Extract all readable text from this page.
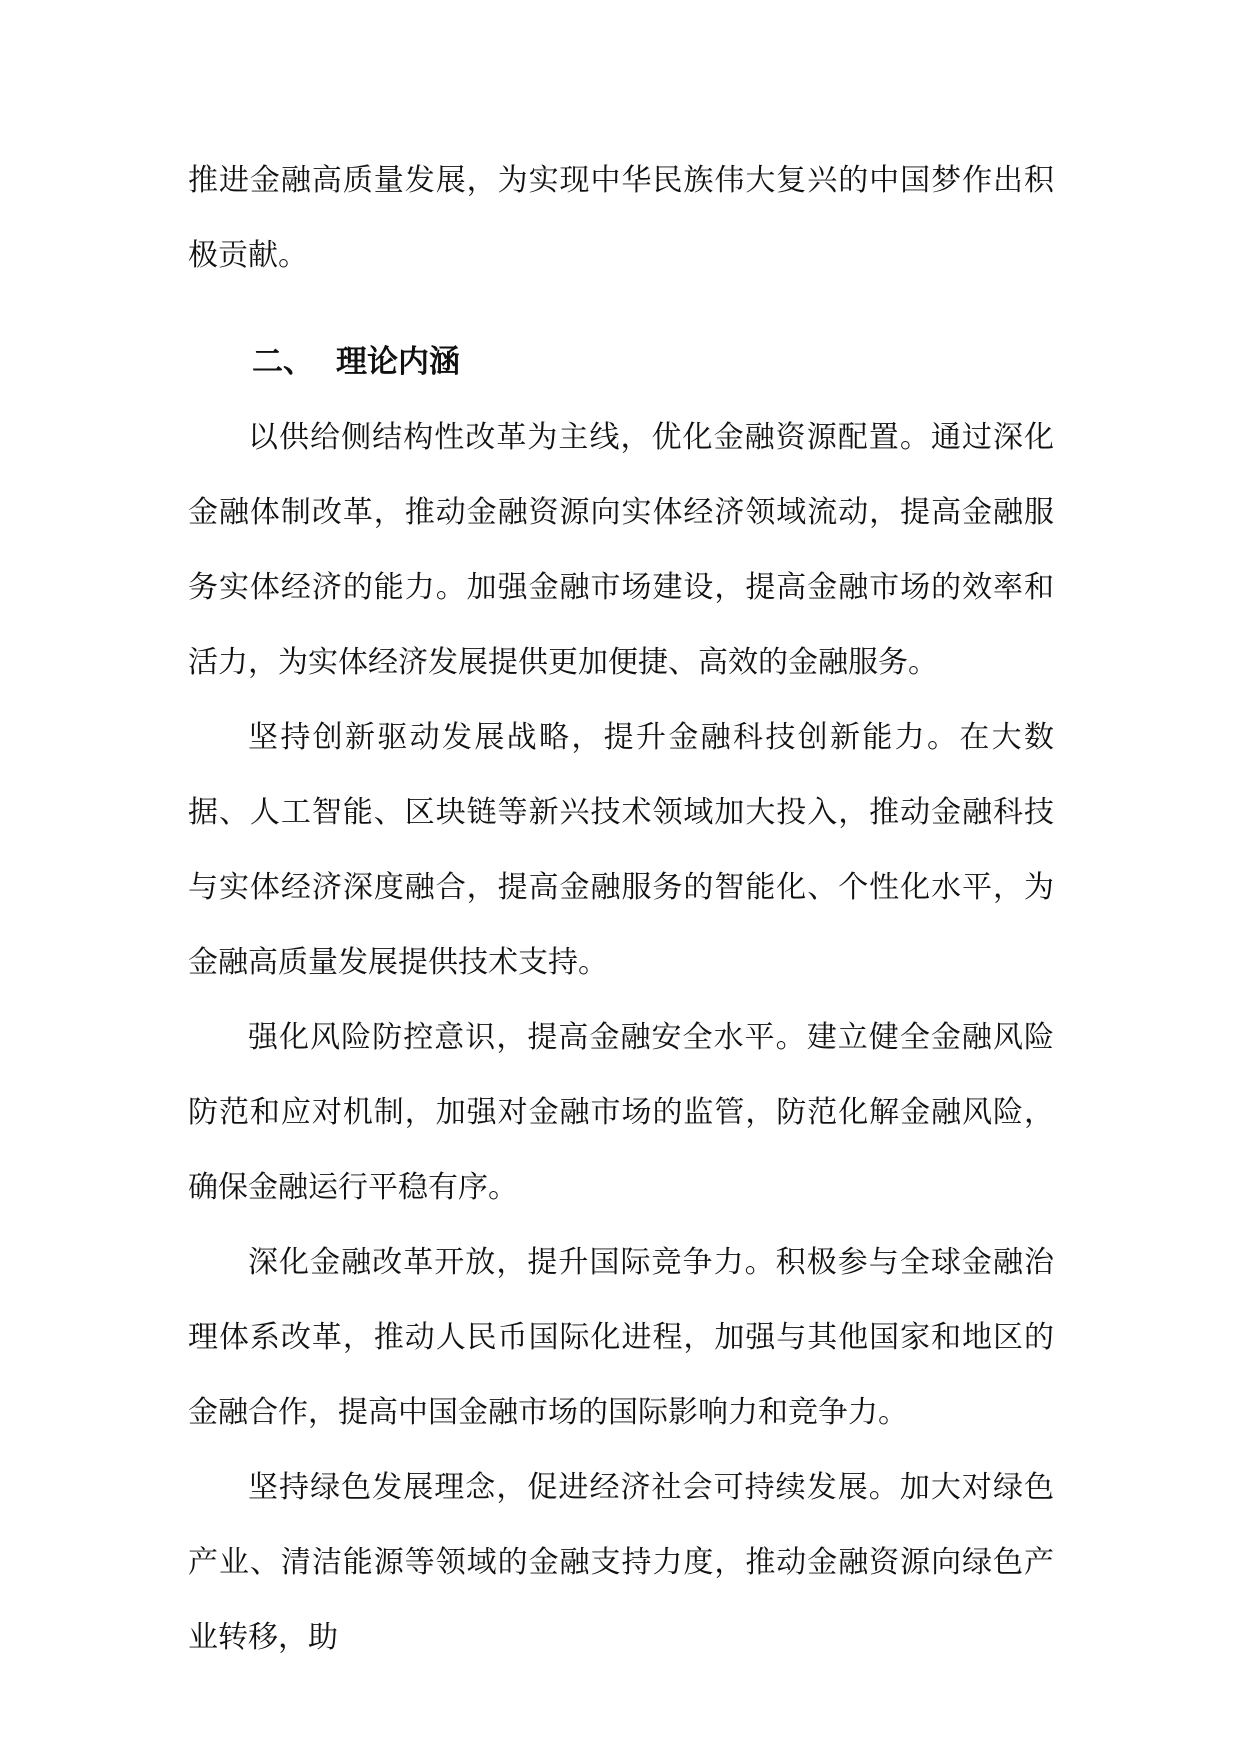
推进金融高质量发展，为实现中华民族伟大复兴的中国梦作出积极贡献。

二、 理论内涵

以供给侧结构性改革为主线，优化金融资源配置。通过深化金融体制改革，推动金融资源向实体经济领域流动，提高金融服务实体经济的能力。加强金融市场建设，提高金融市场的效率和活力，为实体经济发展提供更加便捷、高效的金融服务。

坚持创新驱动发展战略，提升金融科技创新能力。在大数据、人工智能、区块链等新兴技术领域加大投入，推动金融科技与实体经济深度融合，提高金融服务的智能化、个性化水平，为金融高质量发展提供技术支持。

强化风险防控意识，提高金融安全水平。建立健全金融风险防范和应对机制，加强对金融市场的监管，防范化解金融风险，确保金融运行平稳有序。

深化金融改革开放，提升国际竞争力。积极参与全球金融治理体系改革，推动人民币国际化进程，加强与其他国家和地区的金融合作，提高中国金融市场的国际影响力和竞争力。

坚持绿色发展理念，促进经济社会可持续发展。加大对绿色产业、清洁能源等领域的金融支持力度，推动金融资源向绿色产业转移，助
